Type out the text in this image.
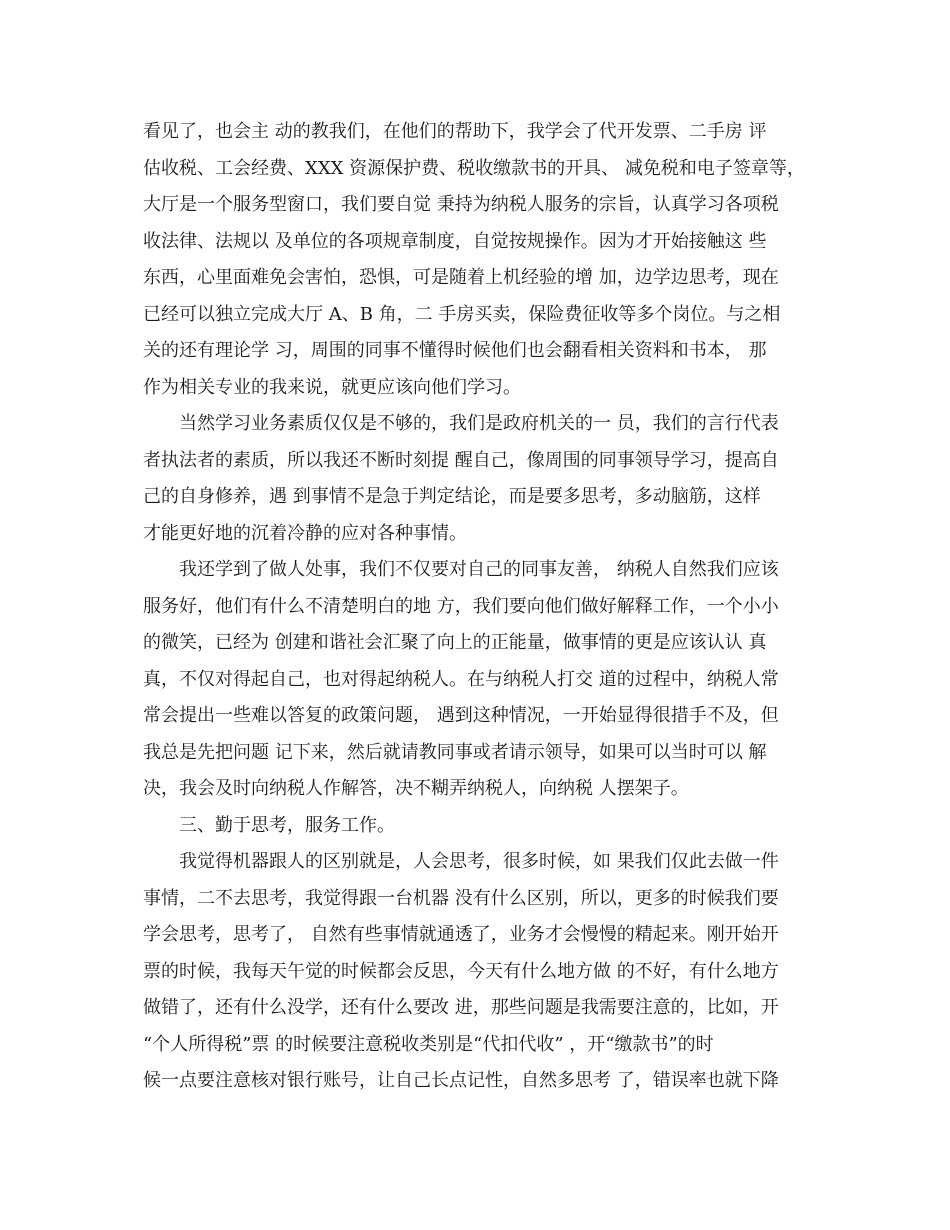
看见了，也会主 动的教我们，在他们的帮助下，我学会了代开发票、二手房 评
估收税、工会经费、XXX 资源保护费、税收缴款书的开具、 减免税和电子签章等，
大厅是一个服务型窗口，我们要自觉 秉持为纳税人服务的宗旨，认真学习各项税
收法律、法规以 及单位的各项规章制度，自觉按规操作。因为才开始接触这 些
东西，心里面难免会害怕，恐惧，可是随着上机经验的增 加，边学边思考，现在
已经可以独立完成大厅 A、B 角，二 手房买卖，保险费征收等多个岗位。与之相
关的还有理论学 习，周围的同事不懂得时候他们也会翻看相关资料和书本， 那
作为相关专业的我来说，就更应该向他们学习。
当然学习业务素质仅仅是不够的，我们是政府机关的一 员，我们的言行代表
者执法者的素质，所以我还不断时刻提 醒自己，像周围的同事领导学习，提高自
己的自身修养，遇 到事情不是急于判定结论，而是要多思考，多动脑筋，这样
才能更好地的沉着冷静的应对各种事情。
我还学到了做人处事，我们不仅要对自己的同事友善， 纳税人自然我们应该
服务好，他们有什么不清楚明白的地 方，我们要向他们做好解释工作，一个小小
的微笑，已经为 创建和谐社会汇聚了向上的正能量，做事情的更是应该认认 真
真，不仅对得起自己，也对得起纳税人。在与纳税人打交 道的过程中，纳税人常
常会提出一些难以答复的政策问题， 遇到这种情况，一开始显得很措手不及，但
我总是先把问题 记下来，然后就请教同事或者请示领导，如果可以当时可以 解
决，我会及时向纳税人作解答，决不糊弄纳税人，向纳税 人摆架子。
三、勤于思考，服务工作。
我觉得机器跟人的区别就是，人会思考，很多时候，如 果我们仅此去做一件
事情，二不去思考，我觉得跟一台机器 没有什么区别，所以，更多的时候我们要
学会思考，思考了， 自然有些事情就通透了，业务才会慢慢的精起来。刚开始开
票的时候，我每天午觉的时候都会反思，今天有什么地方做 的不好，有什么地方
做错了，还有什么没学，还有什么要改 进，那些问题是我需要注意的，比如，开
“个人所得税”票 的时候要注意税收类别是“代扣代收” ，开“缴款书”的时
候一点要注意核对银行账号，让自己长点记性，自然多思考 了，错误率也就下降
